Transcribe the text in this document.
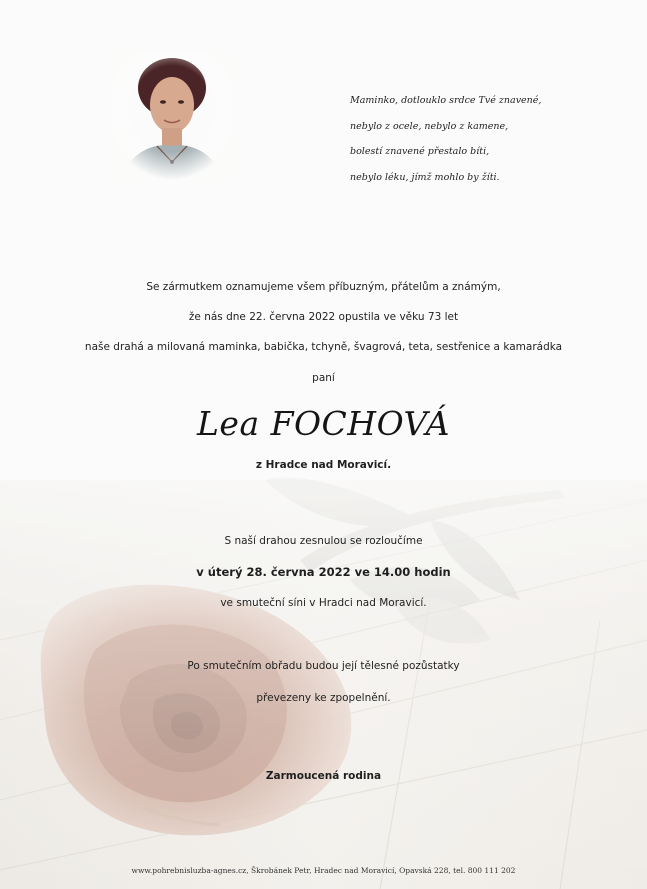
Maminko, dotlouklo srdce Tvé znavené,
nebylo z ocele, nebylo z kamene,
bolestí znavené přestalo bíti,
nebylo léku, jímž mohlo by žíti.
Se zármutkem oznamujeme všem příbuzným, přátelům a známým,
že nás dne 22. června 2022 opustila ve věku 73 let
naše drahá a milovaná maminka, babička, tchyně, švagrová, teta, sestřenice a kamarádka
paní
Lea FOCHOVÁ
z Hradce nad Moravicí.
S naší drahou zesnulou se rozloučíme
v úterý 28. června 2022 ve 14.00 hodin
ve smuteční síni v Hradci nad Moravicí.
Po smutečním obřadu budou její tělesné pozůstatky
převezeny ke zpopelnění.
Zarmoucená rodina
www.pohrebnisluzba-agnes.cz, Škrobánek Petr, Hradec nad Moravicí, Opavská 228, tel. 800 111 202
